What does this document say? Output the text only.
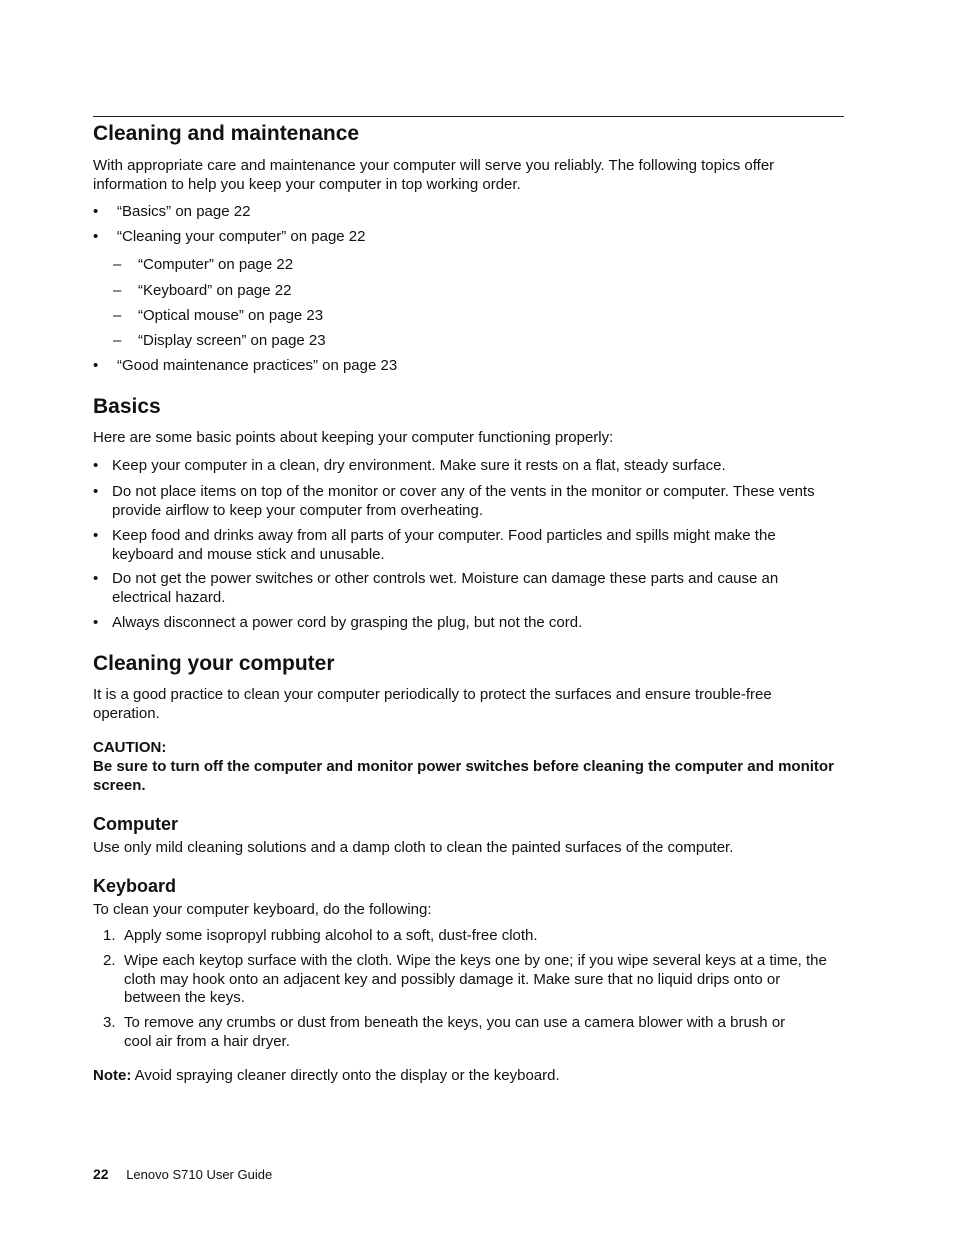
Cleaning and maintenance

With appropriate care and maintenance your computer will serve you reliably. The following topics offer information to help you keep your computer in top working order.

• “Basics” on page 22
• “Cleaning your computer” on page 22
– “Computer” on page 22
– “Keyboard” on page 22
– “Optical mouse” on page 23
– “Display screen” on page 23
• “Good maintenance practices” on page 23
Basics

Here are some basic points about keeping your computer functioning properly:

• Keep your computer in a clean, dry environment. Make sure it rests on a flat, steady surface.
• Do not place items on top of the monitor or cover any of the vents in the monitor or computer. These vents provide airflow to keep your computer from overheating.
• Keep food and drinks away from all parts of your computer. Food particles and spills might make the keyboard and mouse stick and unusable.
• Do not get the power switches or other controls wet. Moisture can damage these parts and cause an electrical hazard.
• Always disconnect a power cord by grasping the plug, but not the cord.
Cleaning your computer

It is a good practice to clean your computer periodically to protect the surfaces and ensure trouble-free operation.

CAUTION:

Be sure to turn off the computer and monitor power switches before cleaning the computer and monitor screen.

Computer

Use only mild cleaning solutions and a damp cloth to clean the painted surfaces of the computer.

Keyboard

To clean your computer keyboard, do the following:

1. Apply some isopropyl rubbing alcohol to a soft, dust-free cloth.
2. Wipe each keytop surface with the cloth. Wipe the keys one by one; if you wipe several keys at a time, the cloth may hook onto an adjacent key and possibly damage it. Make sure that no liquid drips onto or between the keys.
3. To remove any crumbs or dust from beneath the keys, you can use a camera blower with a brush or cool air from a hair dryer.

Note: Avoid spraying cleaner directly onto the display or the keyboard.

22 Lenovo S710 User Guide
